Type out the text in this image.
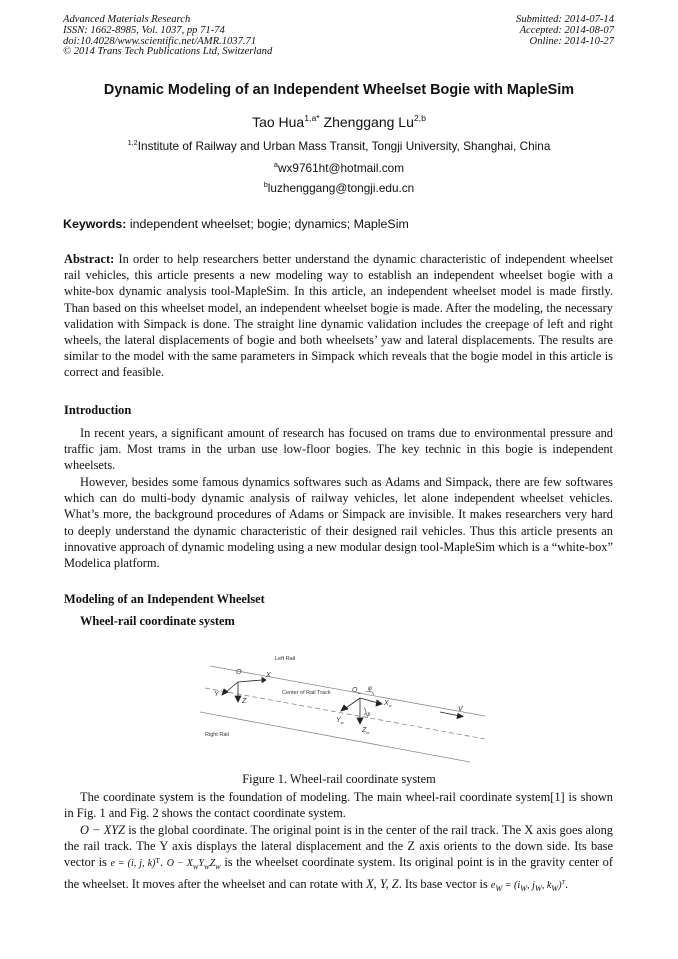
Advanced Materials Research
ISSN: 1662-8985, Vol. 1037, pp 71-74
doi:10.4028/www.scientific.net/AMR.1037.71
© 2014 Trans Tech Publications Ltd, Switzerland
Submitted: 2014-07-14
Accepted: 2014-08-07
Online: 2014-10-27
Dynamic Modeling of an Independent Wheelset Bogie with MapleSim
Tao Hua$^{1,a*}$ Zhenggang Lu$^{2,b}$
$^{1,2}$Institute of Railway and Urban Mass Transit, Tongji University, Shanghai, China
$^a$wx9761ht@hotmail.com
$^b$luzhenggang@tongji.edu.cn
Keywords: independent wheelset; bogie; dynamics; MapleSim

Abstract: In order to help researchers better understand the dynamic characteristic of independent wheelset rail vehicles, this article presents a new modeling way to establish an independent wheelset bogie with a white-box dynamic analysis tool-MapleSim. In this article, an independent wheelset model is made firstly. Than based on this wheelset model, an independent wheelset bogie is made. After the modeling, the necessary validation with Simpack is done. The straight line dynamic validation includes the creepage of left and right wheels, the lateral displacements of bogie and both wheelsets’ yaw and lateral displacements. The results are similar to the model with the same parameters in Simpack which reveals that the bogie model in this article is correct and feasible.

Introduction

In recent years, a significant amount of research has focused on trams due to environmental pressure and traffic jam. Most trams in the urban use low-floor bogies. The key technic in this bogie is independent wheelsets.

However, besides some famous dynamics softwares such as Adams and Simpack, there are few softwares which can do multi-body dynamic analysis of railway vehicles, let alone independent wheelset vehicles. What’s more, the background procedures of Adams or Simpack are invisible. It makes researchers very hard to deeply understand the dynamic characteristic of their designed rail vehicles. Thus this article presents an innovative approach of dynamic modeling using a new modular design tool-MapleSim which is a “white-box” Modelica platform.

Modeling of an Independent Wheelset
Wheel-rail coordinate system
Left Rail
Center of Rail Track
Right Rail
O	X
Y
Z
$O_w$
φ
$X_w$
$Y_w$
ψ
$Z_w$
V
Figure 1. Wheel-rail coordinate system

The coordinate system is the foundation of modeling. The main wheel-rail coordinate system[1] is shown in Fig. 1 and Fig. 2 shows the contact coordinate system.

O − XYZ is the global coordinate. The original point is in the center of the rail track. The X axis goes along the rail track. The Y axis displays the lateral displacement and the Z axis orients to the down side. Its base vector is e = (i, j, k)$^T$. $O - X_wY_wZ_w$ is the wheelset coordinate system. Its original point is in the gravity center of the wheelset. It moves after the wheelset and can rotate with X, Y, Z. Its base vector is $e_W = (i_W$, $j_W$, $k_W)^T$.
